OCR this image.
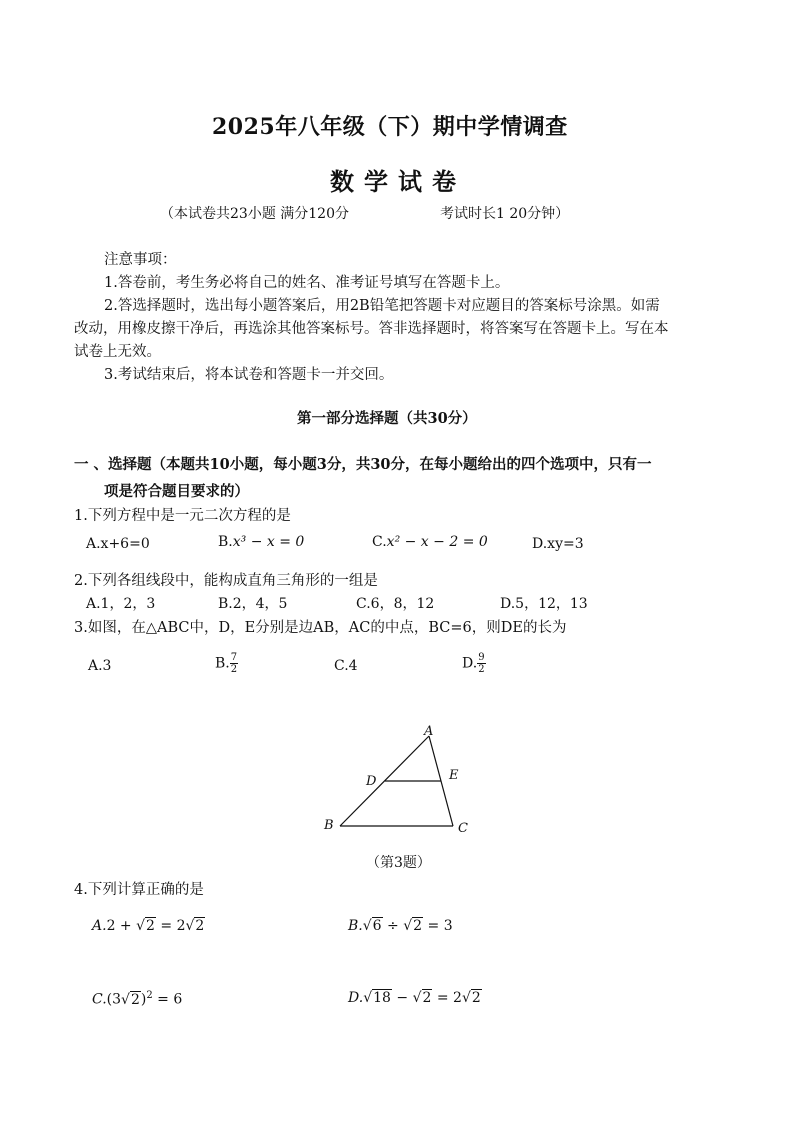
2025年八年级（下）期中学情调查
数学试卷
（本试卷共23小题 满分120分	考试时长1 20分钟）
注意事项：
1.答卷前，考生务必将自己的姓名、准考证号填写在答题卡上。
2.答选择题时，选出每小题答案后，用2B铅笔把答题卡对应题目的答案标号涂黑。如需
改动，用橡皮擦干净后，再选涂其他答案标号。答非选择题时，将答案写在答题卡上。写在本
试卷上无效。
3.考试结束后，将本试卷和答题卡一并交回。
第一部分选择题（共30分）
一 、选择题（本题共10小题，每小题3分，共30分，在每小题给出的四个选项中，只有一
项是符合题目要求的）
1.下列方程中是一元二次方程的是
A.x+6=0	B.x³ − x = 0	C.x² − x − 2 = 0	D.xy=3
2.下列各组线段中，能构成直角三角形的一组是
A.1，2，3	B.2，4，5	C.6，8，12	D.5，12，13
3.如图，在△ABC中，D，E分别是边AB，AC的中点，BC=6，则DE的长为
A.3	B. $\frac{7}{2}$	C.4	D. $\frac{9}{2}$
A
B	C
D	E
（第3题）
4.下列计算正确的是
A.2 + √2 = 2√2	B.√6 ÷ √2 = 3
$C.(3√2)^2 = 6$	D.√18 − √2 = 2√2
